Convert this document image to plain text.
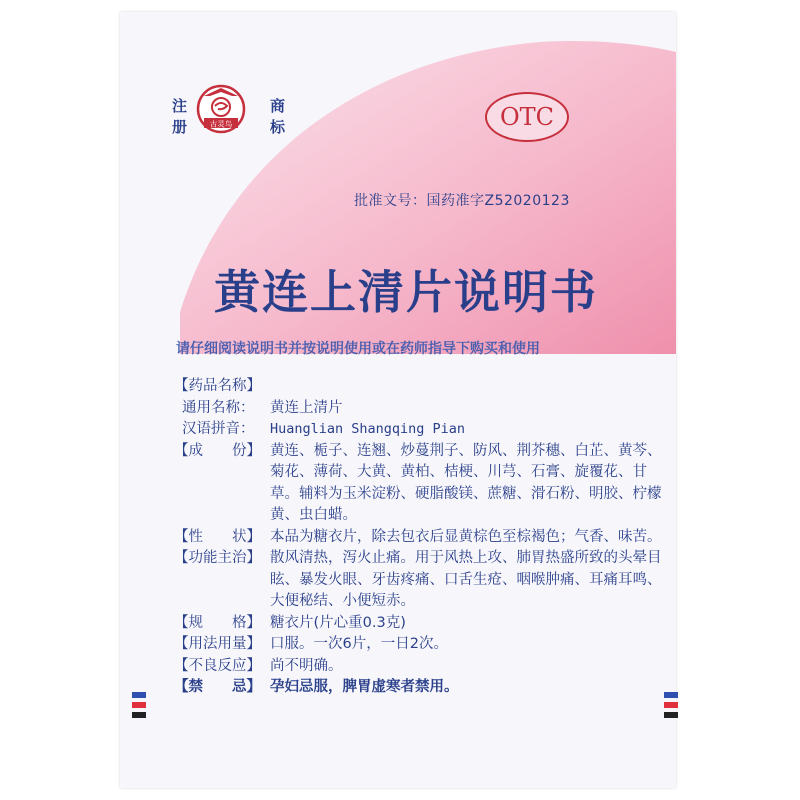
注
册
商
标
古灵鸟	OTC
批准文号：国药准字Z52020123
黄连上清片说明书
请仔细阅读说明书并按说明使用或在药师指导下购买和使用
【药品名称】
通用名称：	黄连上清片
汉语拼音：	Huanglian Shangqing Pian
【成　　份】 黄连、栀子、连翘、炒蔓荆子、防风、荆芥穗、白芷、黄芩、菊花、薄荷、大黄、黄柏、桔梗、川芎、石膏、旋覆花、甘草。辅料为玉米淀粉、硬脂酸镁、蔗糖、滑石粉、明胶、柠檬黄、虫白蜡。
【性　　状】 本品为糖衣片，除去包衣后显黄棕色至棕褐色；气香、味苦。
【功能主治】 散风清热，泻火止痛。用于风热上攻、肺胃热盛所致的头晕目眩、暴发火眼、牙齿疼痛、口舌生疮、咽喉肿痛、耳痛耳鸣、大便秘结、小便短赤。
【规　　格】 糖衣片(片心重0.3克)
【用法用量】 口服。一次6片，一日2次。
【不良反应】 尚不明确。
【禁　　忌】 孕妇忌服，脾胃虚寒者禁用。
